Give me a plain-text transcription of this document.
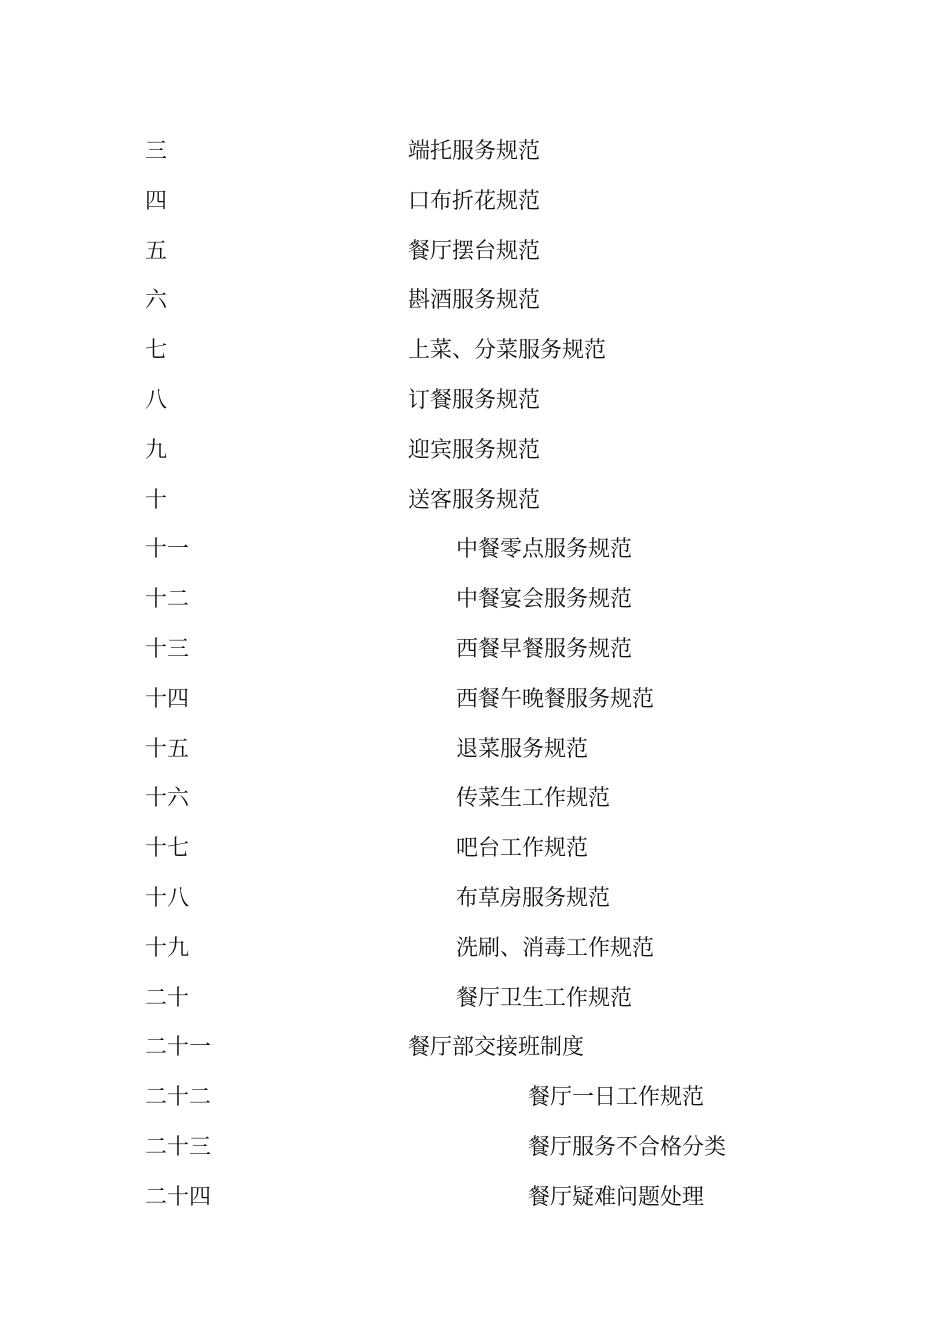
三	端托服务规范
四	口布折花规范
五	餐厅摆台规范
六	斟酒服务规范
七	上菜、分菜服务规范
八	订餐服务规范
九	迎宾服务规范
十	送客服务规范
十一	中餐零点服务规范
十二	中餐宴会服务规范
十三	西餐早餐服务规范
十四	西餐午晚餐服务规范
十五	退菜服务规范
十六	传菜生工作规范
十七	吧台工作规范
十八	布草房服务规范
十九	洗刷、消毒工作规范
二十	餐厅卫生工作规范
二十一	餐厅部交接班制度
二十二	餐厅一日工作规范
二十三	餐厅服务不合格分类
二十四	餐厅疑难问题处理
